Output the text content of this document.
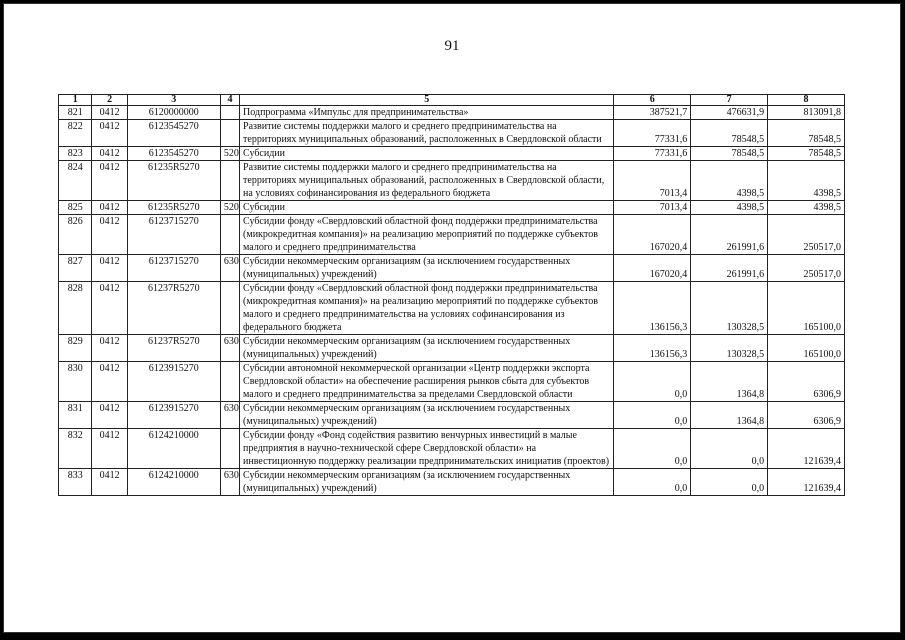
91
1	2	3	4	5	6	7	8
821	0412	6120000000		Подпрограмма «Импульс для предпринимательства»	387521,7	476631,9	813091,8
822	0412	6123545270		Развитие системы поддержки малого и среднего предпринимательства на территориях муниципальных образований, расположенных в Свердловской области	77331,6	78548,5	78548,5
823	0412	6123545270	520	Субсидии	77331,6	78548,5	78548,5
824	0412	61235R5270		Развитие системы поддержки малого и среднего предпринимательства на территориях муниципальных образований, расположенных в Свердловской области, на условиях софинансирования из федерального бюджета	7013,4	4398,5	4398,5
825	0412	61235R5270	520	Субсидии	7013,4	4398,5	4398,5
826	0412	6123715270		Субсидии фонду «Свердловский областной фонд поддержки предпринимательства (микрокредитная компания)» на реализацию мероприятий по поддержке субъектов малого и среднего предпринимательства	167020,4	261991,6	250517,0
827	0412	6123715270	630	Субсидии некоммерческим организациям (за исключением государственных (муниципальных) учреждений)	167020,4	261991,6	250517,0
828	0412	61237R5270		Субсидии фонду «Свердловский областной фонд поддержки предпринимательства (микрокредитная компания)» на реализацию мероприятий по поддержке субъектов малого и среднего предпринимательства на условиях софинансирования из федерального бюджета	136156,3	130328,5	165100,0
829	0412	61237R5270	630	Субсидии некоммерческим организациям (за исключением государственных (муниципальных) учреждений)	136156,3	130328,5	165100,0
830	0412	6123915270		Субсидии автономной некоммерческой организации «Центр поддержки экспорта Свердловской области» на обеспечение расширения рынков сбыта для субъектов малого и среднего предпринимательства за пределами Свердловской области	0,0	1364,8	6306,9
831	0412	6123915270	630	Субсидии некоммерческим организациям (за исключением государственных (муниципальных) учреждений)	0,0	1364,8	6306,9
832	0412	6124210000		Субсидии фонду «Фонд содействия развитию венчурных инвестиций в малые предприятия в научно-технической сфере Свердловской области» на инвестиционную поддержку реализации предпринимательских инициатив (проектов)	0,0	0,0	121639,4
833	0412	6124210000	630	Субсидии некоммерческим организациям (за исключением государственных (муниципальных) учреждений)	0,0	0,0	121639,4
